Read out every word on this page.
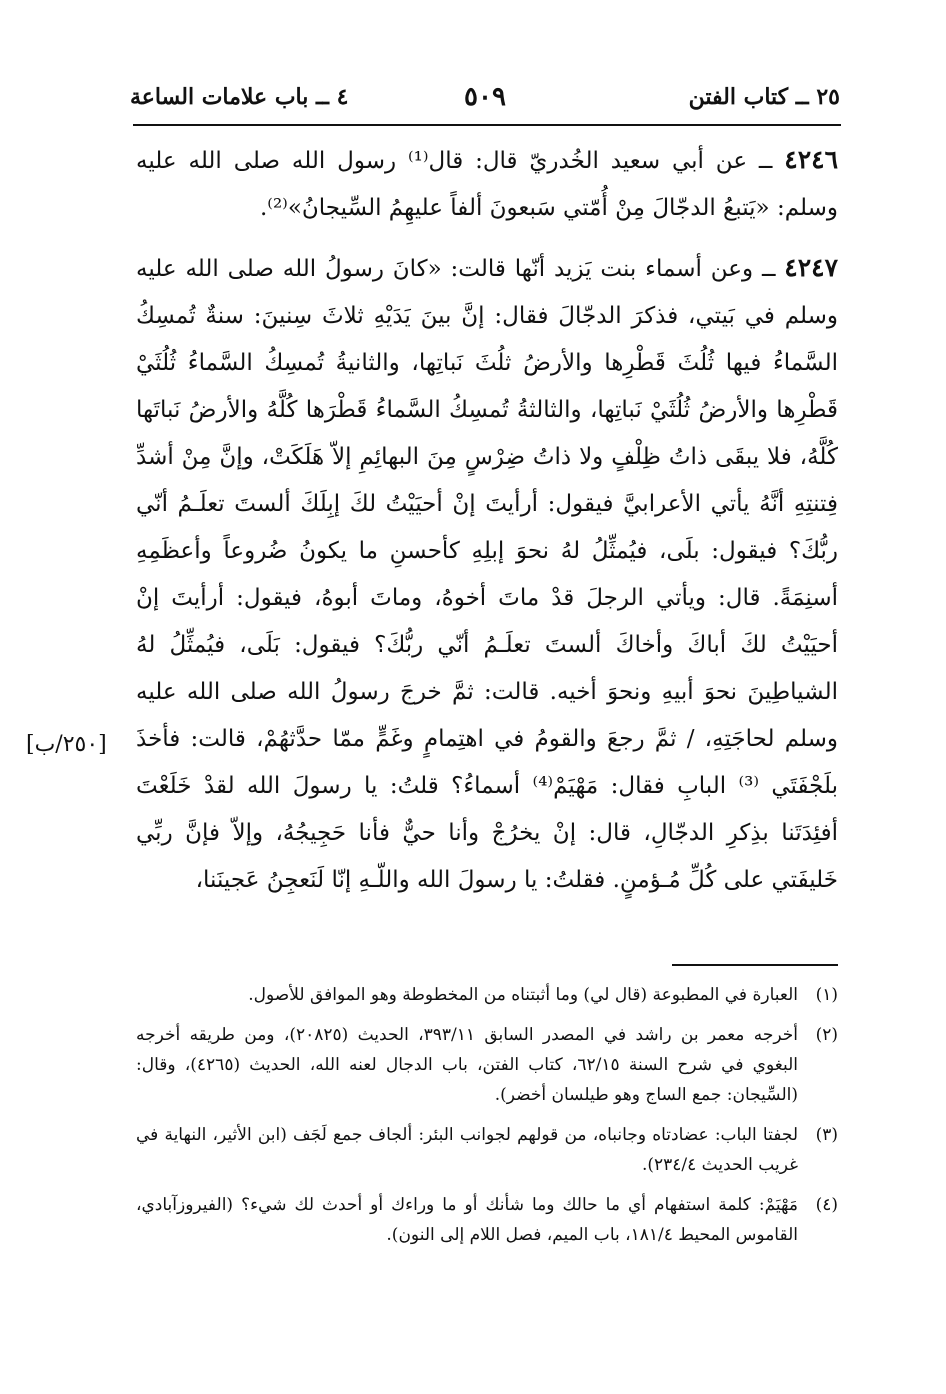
٢٥ ــ كتاب الفتن
٥٠٩
٤ ــ باب علامات الساعة

٤٢٤٦ ــ عن أبي سعيد الخُدريّ قال: قال⁽¹⁾ رسول الله صلى الله عليه وسلم: «يَتبعُ الدجّالَ مِنْ أُمّتي سَبعونَ ألفاً عليهِمُ السِّيجانُ»⁽²⁾.

٤٢٤٧ ــ وعن أسماء بنت يَزيد أنّها قالت: «كانَ رسولُ الله صلى الله عليه وسلم في بَيتي، فذكرَ الدجّالَ فقال: إنَّ بينَ يَدَيْهِ ثلاثَ سِنينَ: سنةٌ تُمسِكُ السَّماءُ فيها ثُلُثَ قَطْرِها والأرضُ ثلُثَ نَباتِها، والثانيةُ تُمسِكُ السَّماءُ ثُلُثَيْ قَطْرِها والأرضُ ثُلُثَيْ نَباتِها، والثالثةُ تُمسِكُ السَّماءُ قَطْرَها كُلَّهُ والأرضُ نَباتَها كُلَّهُ، فلا يبقَى ذاتُ ظِلْفٍ ولا ذاتُ ضِرْسٍ مِنَ البهائِمِ إلاّ هَلَكَتْ، وإنَّ مِنْ أشدِّ فِتنتِهِ أنَّهُ يأتي الأعرابيَّ فيقول: أرأيتَ إنْ أحيَيْتُ لكَ إبِلَكَ ألستَ تعلَـمُ أنّي ربُّكَ؟ فيقول: بلَى، فيُمثِّلُ لهُ نحوَ إبلِهِ كأحسنِ ما يكونُ ضُروعاً وأعظَمِهِ أسنِمَةً. قال: ويأتي الرجلَ قدْ ماتَ أخوهُ، وماتَ أبوهُ، فيقول: أرأيتَ إنْ أحيَيْتُ لكَ أباكَ وأخاكَ ألستَ تعلَـمُ أنّي ربُّكَ؟ فيقول: بَلَى، فيُمثِّلُ لهُ الشياطِينَ نحوَ أبيهِ ونحوَ أخيه. قالت: ثمَّ خرجَ رسولُ الله صلى الله عليه وسلم لحاجَتِهِ، / ثمَّ رجعَ والقومُ في اهتِمامٍ وغَمٍّ ممّا حدَّثهُمْ، قالت: فأخذَ بلَجْفَتَي ⁽³⁾ البابِ فقال: مَهْيَمْ⁽⁴⁾ أسماءُ؟ قلتُ: يا رسولَ الله لقدْ خَلَعْتَ أفئِدَتَنا بذِكرِ الدجّالِ، قال: إنْ يخرُجْ وأنا حيٌّ فأنا حَجِيجُهُ، وإلاّ فإنَّ ربِّي خَليفَتي على كُلِّ مُـؤمنٍ. فقلتُ: يا رسولَ الله واللّـهِ إنّا لَنَعجِنُ عَجينَنا،

[٢٥٠/ب]

(١)
العبارة في المطبوعة (قال لي) وما أثبتناه من المخطوطة وهو الموافق للأصول.

(٢)
أخرجه معمر بن راشد في المصدر السابق ٣٩٣/١١، الحديث (٢٠٨٢٥)، ومن طريقه أخرجه البغوي في شرح السنة ٦٢/١٥، كتاب الفتن، باب الدجال لعنه الله، الحديث (٤٢٦٥)، وقال: (السِّيجان: جمع الساج وهو طيلسان أخضر).

(٣)
لجفتا الباب: عضادتاه وجانباه، من قولهم لجوانب البئر: ألجاف جمع لَجَف (ابن الأثير، النهاية في غريب الحديث ٢٣٤/٤).

(٤)
مَهْيَمْ: كلمة استفهام أي ما حالك وما شأنك أو ما وراءك أو أحدث لك شيء؟ (الفيروزآبادي، القاموس المحيط ١٨١/٤، باب الميم، فصل اللام إلى النون).
